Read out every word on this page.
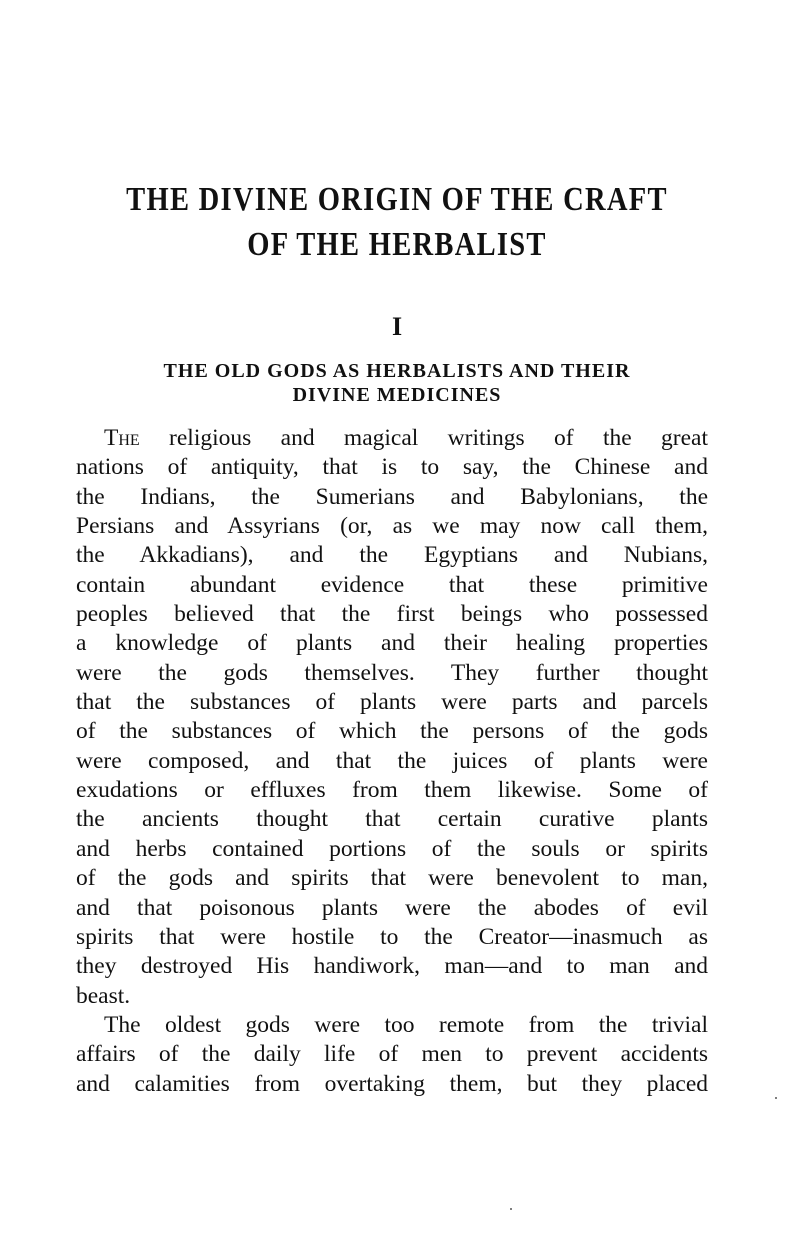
THE DIVINE ORIGIN OF THE CRAFT
OF THE HERBALIST
I
THE OLD GODS AS HERBALISTS AND THEIR
DIVINE MEDICINES
The religious and magical writings of the great
nations of antiquity, that is to say, the Chinese and
the Indians, the Sumerians and Babylonians, the
Persians and Assyrians (or, as we may now call them,
the Akkadians), and the Egyptians and Nubians,
contain abundant evidence that these primitive
peoples believed that the first beings who possessed
a knowledge of plants and their healing properties
were the gods themselves. They further thought
that the substances of plants were parts and parcels
of the substances of which the persons of the gods
were composed, and that the juices of plants were
exudations or effluxes from them likewise. Some of
the ancients thought that certain curative plants
and herbs contained portions of the souls or spirits
of the gods and spirits that were benevolent to man,
and that poisonous plants were the abodes of evil
spirits that were hostile to the Creator—inasmuch as
they destroyed His handiwork, man—and to man and
beast.
The oldest gods were too remote from the trivial
affairs of the daily life of men to prevent accidents
and calamities from overtaking them, but they placed
